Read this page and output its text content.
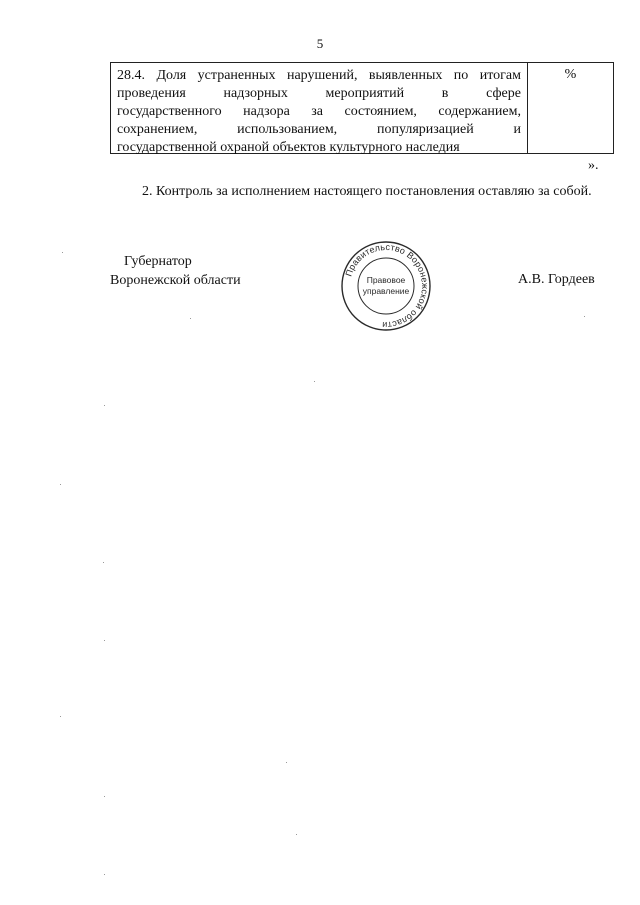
5
28.4. Доля устраненных нарушений, выявленных по итогам
проведения надзорных мероприятий в сфере
государственного надзора за состоянием, содержанием,
сохранением, использованием, популяризацией и
государственной охраной объектов культурного наследия
%
».
2. Контроль за исполнением настоящего постановления оставляю за собой.
Губернатор
Воронежской области	А.В. Гордеев
Правительство Воронежской области
Правовое
управление
